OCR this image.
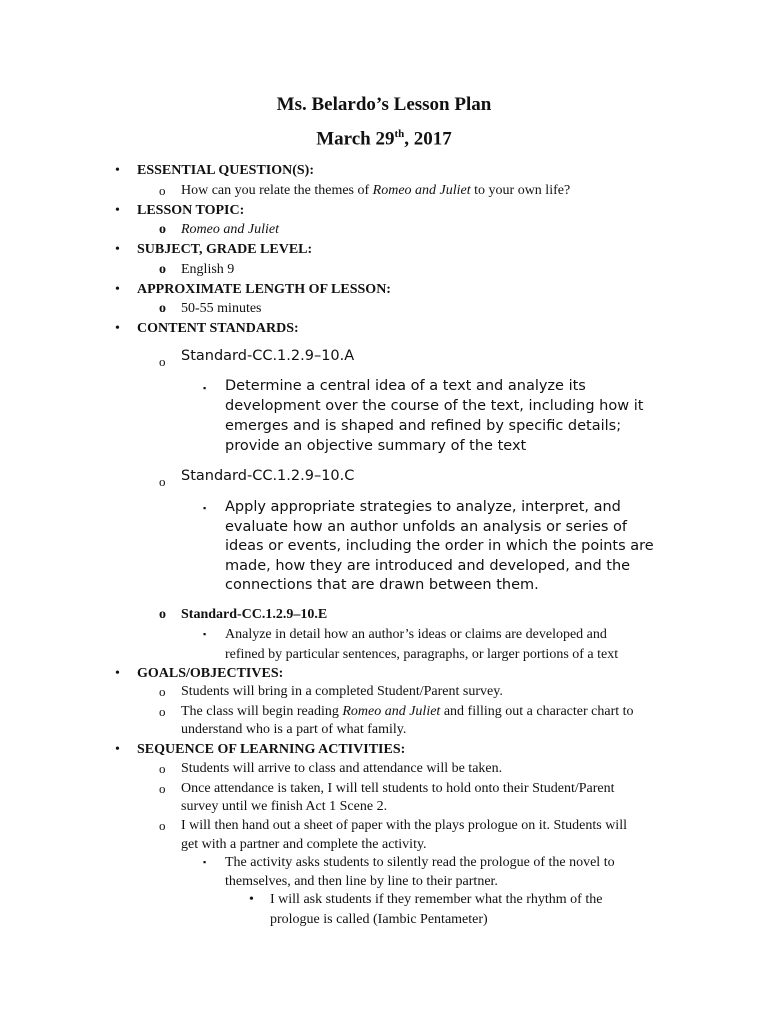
Ms. Belardo’s Lesson Plan
March 29th, 2017
• ESSENTIAL QUESTION(S):
o How can you relate the themes of Romeo and Juliet to your own life?
• LESSON TOPIC:
o Romeo and Juliet
• SUBJECT, GRADE LEVEL:
o English 9
• APPROXIMATE LENGTH OF LESSON:
o 50-55 minutes
• CONTENT STANDARDS:
o Standard-CC.1.2.9–10.A
▪ Determine a central idea of a text and analyze its
development over the course of the text, including how it
emerges and is shaped and refined by specific details;
provide an objective summary of the text
o Standard-CC.1.2.9–10.C
▪ Apply appropriate strategies to analyze, interpret, and
evaluate how an author unfolds an analysis or series of
ideas or events, including the order in which the points are
made, how they are introduced and developed, and the
connections that are drawn between them.
o Standard-CC.1.2.9–10.E
▪ Analyze in detail how an author’s ideas or claims are developed and
refined by particular sentences, paragraphs, or larger portions of a text
• GOALS/OBJECTIVES:
o Students will bring in a completed Student/Parent survey.
o The class will begin reading Romeo and Juliet and filling out a character chart to
understand who is a part of what family.
• SEQUENCE OF LEARNING ACTIVITIES:
o Students will arrive to class and attendance will be taken.
o Once attendance is taken, I will tell students to hold onto their Student/Parent
survey until we finish Act 1 Scene 2.
o I will then hand out a sheet of paper with the plays prologue on it. Students will
get with a partner and complete the activity.
▪ The activity asks students to silently read the prologue of the novel to
themselves, and then line by line to their partner.
• I will ask students if they remember what the rhythm of the
prologue is called (Iambic Pentameter)
